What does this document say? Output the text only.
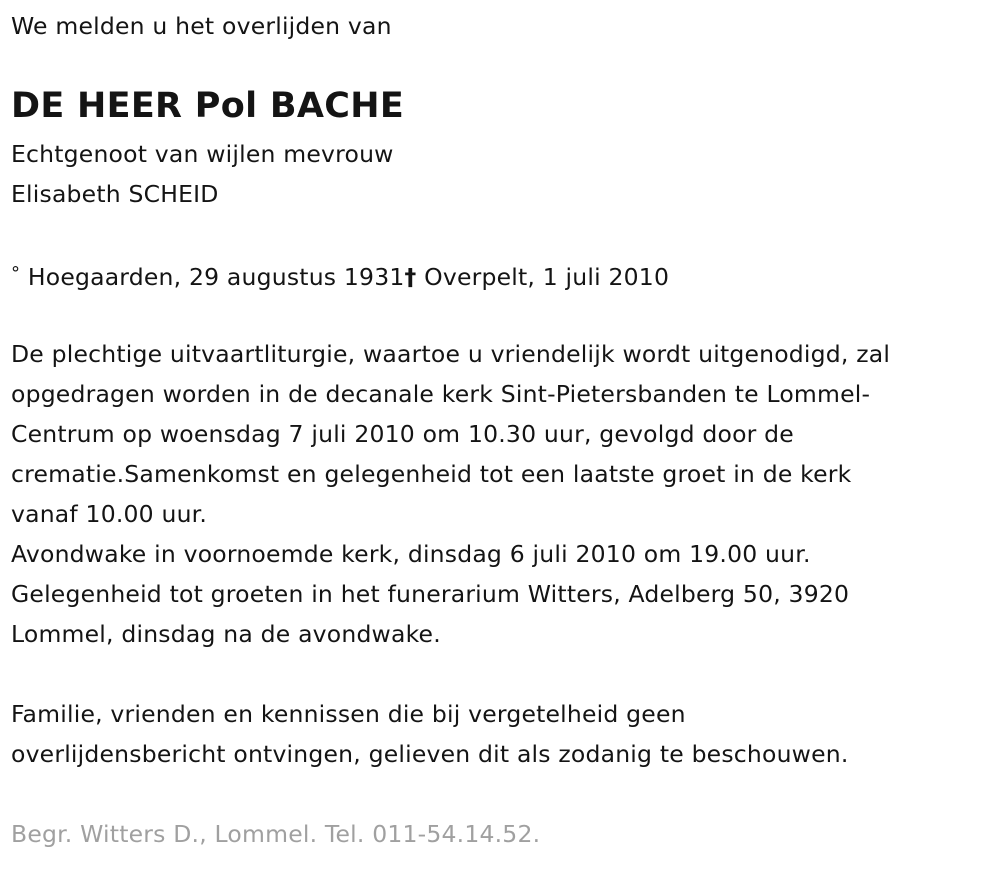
We melden u het overlijden van

DE HEER Pol BACHE

Echtgenoot van wijlen mevrouw
Elisabeth SCHEID

° Hoegaarden, 29 augustus 1931† Overpelt, 1 juli 2010

De plechtige uitvaartliturgie, waartoe u vriendelijk wordt uitgenodigd, zal
opgedragen worden in de decanale kerk Sint-Pietersbanden te Lommel-
Centrum op woensdag 7 juli 2010 om 10.30 uur, gevolgd door de
crematie.Samenkomst en gelegenheid tot een laatste groet in de kerk
vanaf 10.00 uur.
Avondwake in voornoemde kerk, dinsdag 6 juli 2010 om 19.00 uur.
Gelegenheid tot groeten in het funerarium Witters, Adelberg 50, 3920
Lommel, dinsdag na de avondwake.

Familie, vrienden en kennissen die bij vergetelheid geen
overlijdensbericht ontvingen, gelieven dit als zodanig te beschouwen.

Begr. Witters D., Lommel. Tel. 011-54.14.52.
